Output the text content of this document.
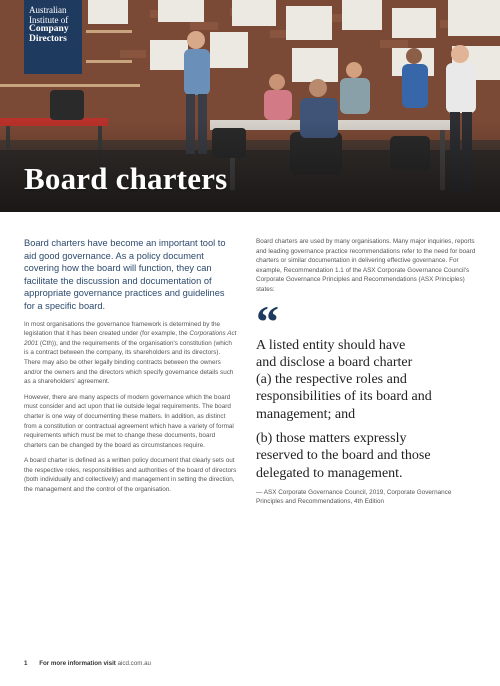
Australian
Institute of
Company
Directors
Board charters

Board charters have become an important tool to aid good governance. As a policy document covering how the board will function, they can facilitate the discussion and documentation of appropriate governance practices and guidelines for a specific board.

In most organisations the governance framework is determined by the legislation that it has been created under (for example, the Corporations Act 2001 (Cth)), and the requirements of the organisation's constitution (which is a contract between the company, its shareholders and its directors). There may also be other legally binding contracts between the owners and/or the owners and the directors which specify governance details such as a shareholders' agreement.

However, there are many aspects of modern governance which the board must consider and act upon that lie outside legal requirements. The board charter is one way of documenting these matters. In addition, as distinct from a constitution or contractual agreement which have a variety of formal requirements which must be met to change these documents, board charters can be changed by the board as circumstances require.

A board charter is defined as a written policy document that clearly sets out the respective roles, responsibilities and authorities of the board of directors (both individually and collectively) and management in setting the direction, the management and the control of the organisation.

Board charters are used by many organisations. Many major inquiries, reports and leading governance practice recommendations refer to the need for board charters or similar documentation in delivering effective governance. For example, Recommendation 1.1 of the ASX Corporate Governance Council's Corporate Governance Principles and Recommendations (ASX Principles) states:

“
A listed entity should have
and disclose a board charter
(a) the respective roles and
responsibilities of its board and
management; and
(b) those matters expressly
reserved to the board and those
delegated to management.

— ASX Corporate Governance Council, 2019, Corporate Governance Principles and Recommendations, 4th Edition

1 For more information visit aicd.com.au
